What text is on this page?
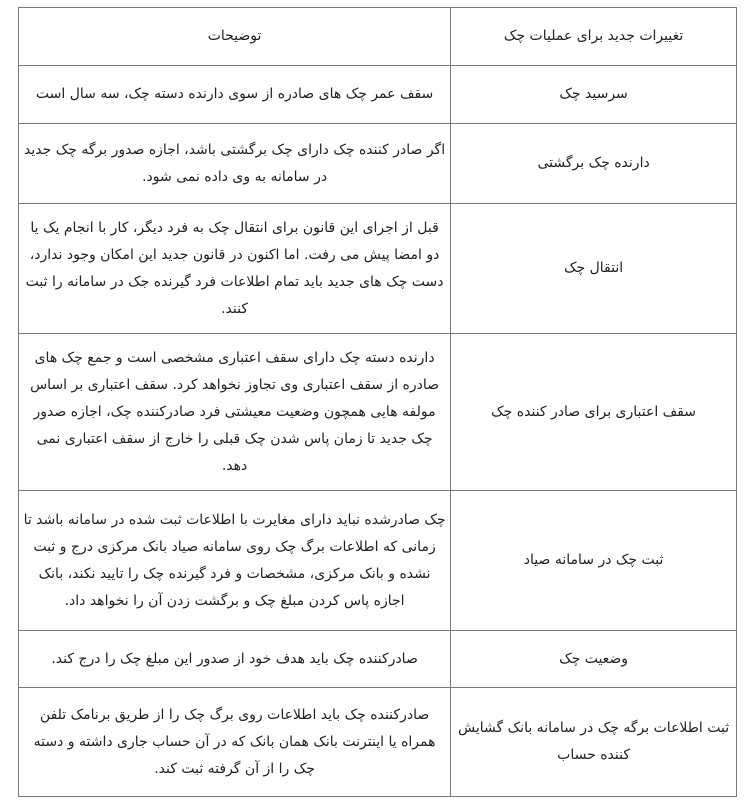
تغییرات جدید برای عملیات چک	توضیحات
سرسید چک	سقف عمر چک های صادره از سوی دارنده دسته چک، سه سال است
دارنده چک برگشتی	اگر صادر کننده چک دارای چک برگشتی باشد، اجازه صدور برگه چک جدید در سامانه به وی داده نمی شود.
انتقال چک	قبل از اجرای این قانون برای انتقال چک به فرد دیگر، کار با انجام یک یا دو امضا پیش می رفت. اما اکنون در قانون جدید این امکان وجود ندارد، دست چک های جدید باید تمام اطلاعات فرد گیرنده جک در سامانه را ثبت کنند.
سقف اعتباری برای صادر کننده چک	دارنده دسته چک دارای سقف اعتباری مشخصی است و جمع چک های صادره از سقف اعتباری وی تجاوز نخواهد کرد. سقف اعتباری بر اساس مولفه هایی همچون وضعیت معیشتی فرد صادرکننده چک، اجازه صدور چک جدید تا زمان پاس شدن چک قبلی را خارج از سقف اعتباری نمی دهد.
ثبت چک در سامانه صیاد	چک صادرشده نباید دارای مغایرت با اطلاعات ثبت شده در سامانه باشد تا زمانی که اطلاعات برگ چک روی سامانه صیاد بانک مرکزی درج و ثبت نشده و بانک مرکزی، مشخصات و فرد گیرنده چک را تایید نکند، بانک اجازه پاس کردن مبلغ چک و برگشت زدن آن را نخواهد داد.
وضعیت چک	صادرکننده چک باید هدف خود از صدور این مبلغ چک را درج کند.
ثبت اطلاعات برگه چک در سامانه بانک گشایش کننده حساب	صادرکننده چک باید اطلاعات روی برگ چک را از طریق برنامک تلفن همراه یا اینترنت بانک همان بانک که در آن حساب جاری داشته و دسته چک را از آن گرفته ثبت کند.
